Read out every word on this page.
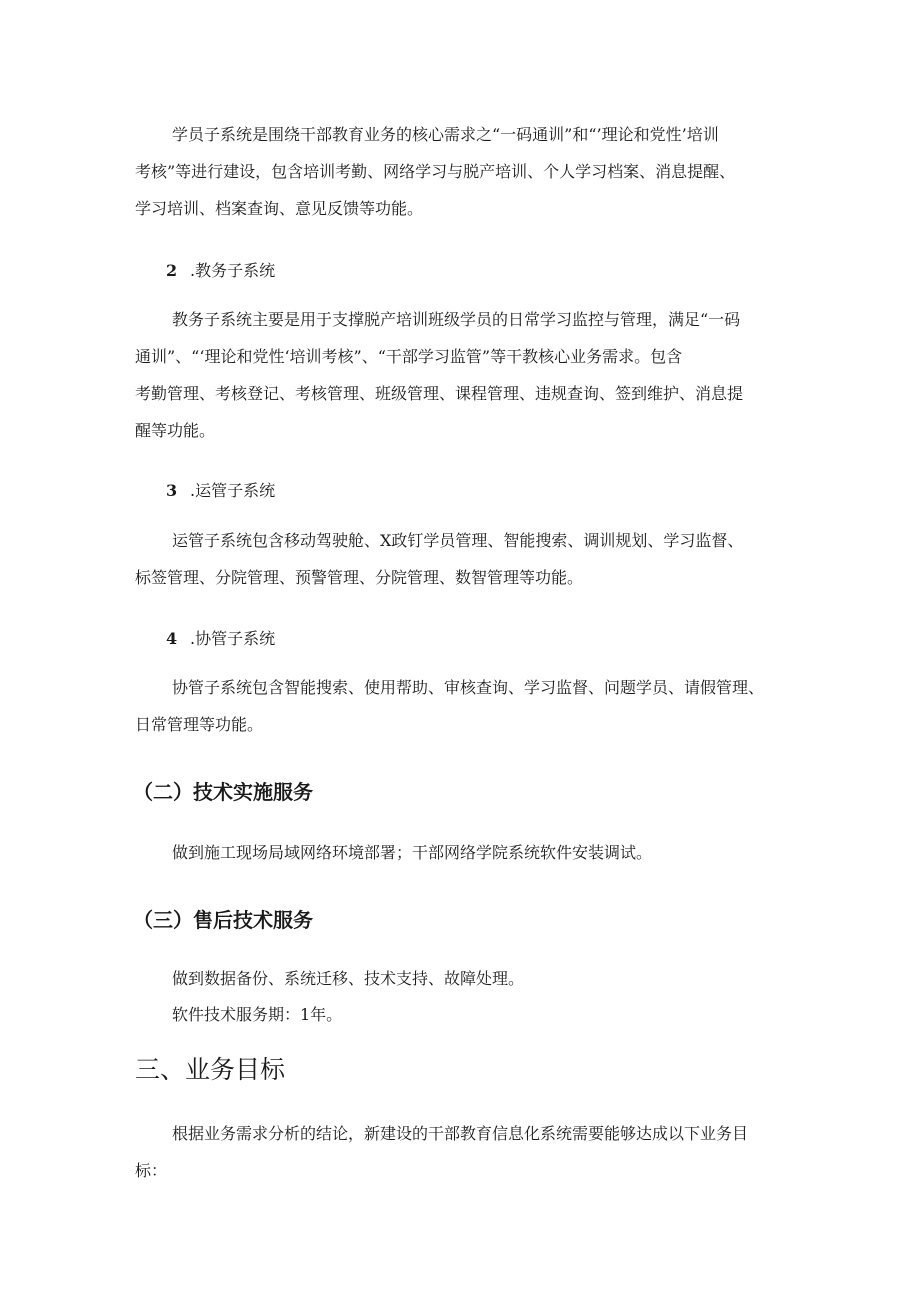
学员子系统是围绕干部教育业务的核心需求之“一码通训”和“’理论和党性’培训
考核”等进行建设，包含培训考勤、网络学习与脱产培训、个人学习档案、消息提醒、
学习培训、档案查询、意见反馈等功能。
2 .教务子系统
教务子系统主要是用于支撑脱产培训班级学员的日常学习监控与管理，满足“一码
通训”、“‘理论和党性‘培训考核”、“干部学习监管”等干教核心业务需求。包含
考勤管理、考核登记、考核管理、班级管理、课程管理、违规查询、签到维护、消息提
醒等功能。
3 .运管子系统
运管子系统包含移动驾驶舱、X政钉学员管理、智能搜索、调训规划、学习监督、
标签管理、分院管理、预警管理、分院管理、数智管理等功能。
4 .协管子系统
协管子系统包含智能搜索、使用帮助、审核查询、学习监督、问题学员、请假管理、
日常管理等功能。
（二）技术实施服务
做到施工现场局域网络环境部署；干部网络学院系统软件安装调试。
（三）售后技术服务
做到数据备份、系统迁移、技术支持、故障处理。
软件技术服务期：1年。
三、业务目标
根据业务需求分析的结论，新建设的干部教育信息化系统需要能够达成以下业务目
标：
